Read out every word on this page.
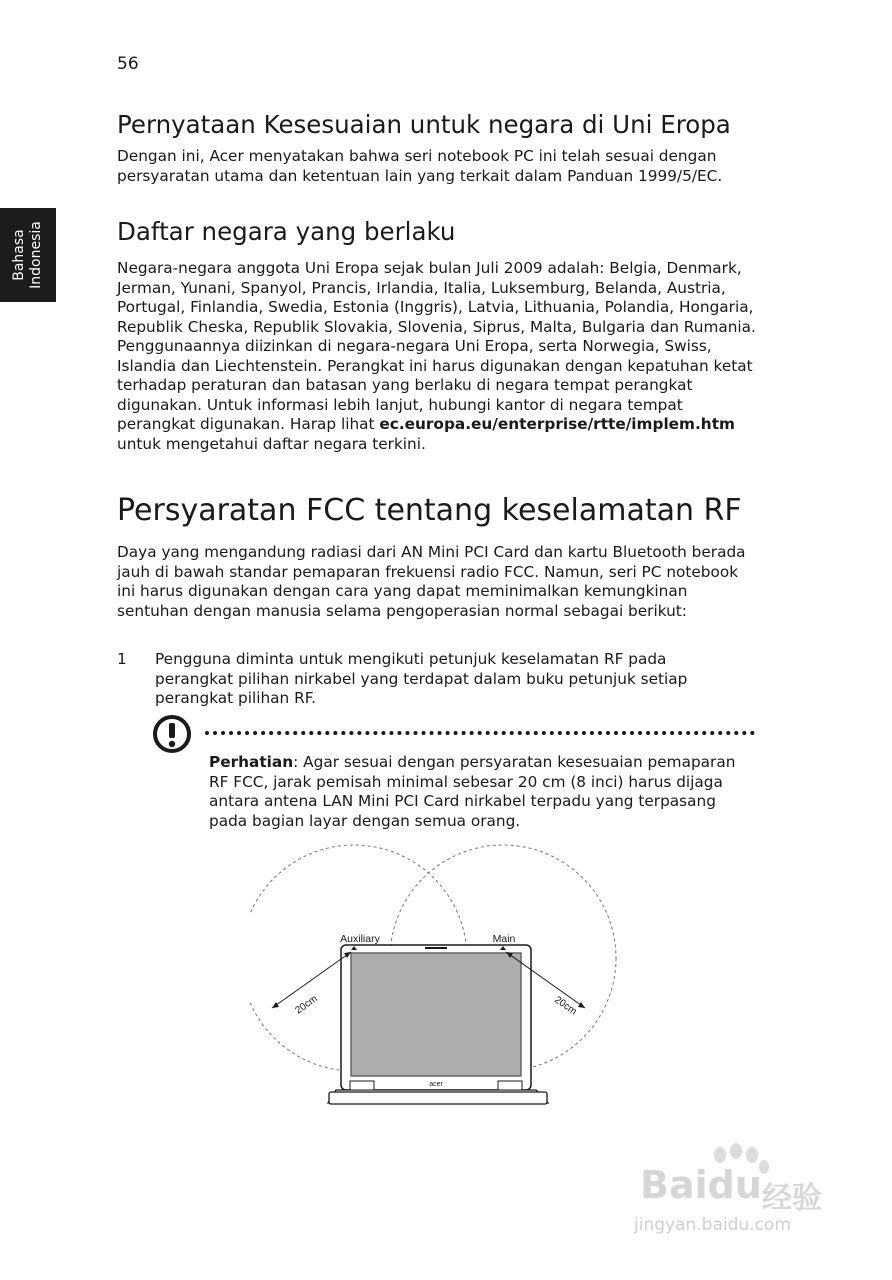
56
Bahasa Indonesia
Pernyataan Kesesuaian untuk negara di Uni Eropa

Dengan ini, Acer menyatakan bahwa seri notebook PC ini telah sesuai dengan persyaratan utama dan ketentuan lain yang terkait dalam Panduan 1999/5/EC.

Daftar negara yang berlaku

Negara-negara anggota Uni Eropa sejak bulan Juli 2009 adalah: Belgia, Denmark, Jerman, Yunani, Spanyol, Prancis, Irlandia, Italia, Luksemburg, Belanda, Austria, Portugal, Finlandia, Swedia, Estonia (Inggris), Latvia, Lithuania, Polandia, Hongaria, Republik Cheska, Republik Slovakia, Slovenia, Siprus, Malta, Bulgaria dan Rumania. Penggunaannya diizinkan di negara-negara Uni Eropa, serta Norwegia, Swiss, Islandia dan Liechtenstein. Perangkat ini harus digunakan dengan kepatuhan ketat terhadap peraturan dan batasan yang berlaku di negara tempat perangkat digunakan. Untuk informasi lebih lanjut, hubungi kantor di negara tempat perangkat digunakan. Harap lihat ec.europa.eu/enterprise/rtte/implem.htm untuk mengetahui daftar negara terkini.

Persyaratan FCC tentang keselamatan RF

Daya yang mengandung radiasi dari AN Mini PCI Card dan kartu Bluetooth berada jauh di bawah standar pemaparan frekuensi radio FCC. Namun, seri PC notebook ini harus digunakan dengan cara yang dapat meminimalkan kemungkinan sentuhan dengan manusia selama pengoperasian normal sebagai berikut:

1 Pengguna diminta untuk mengikuti petunjuk keselamatan RF pada perangkat pilihan nirkabel yang terdapat dalam buku petunjuk setiap perangkat pilihan RF.
Perhatian: Agar sesuai dengan persyaratan kesesuaian pemaparan RF FCC, jarak pemisah minimal sebesar 20 cm (8 inci) harus dijaga antara antena LAN Mini PCI Card nirkabel terpadu yang terpasang pada bagian layar dengan semua orang.
acer
Auxiliary	Main
20cm	20cm
Baidu 经验
jingyan.baidu.com
